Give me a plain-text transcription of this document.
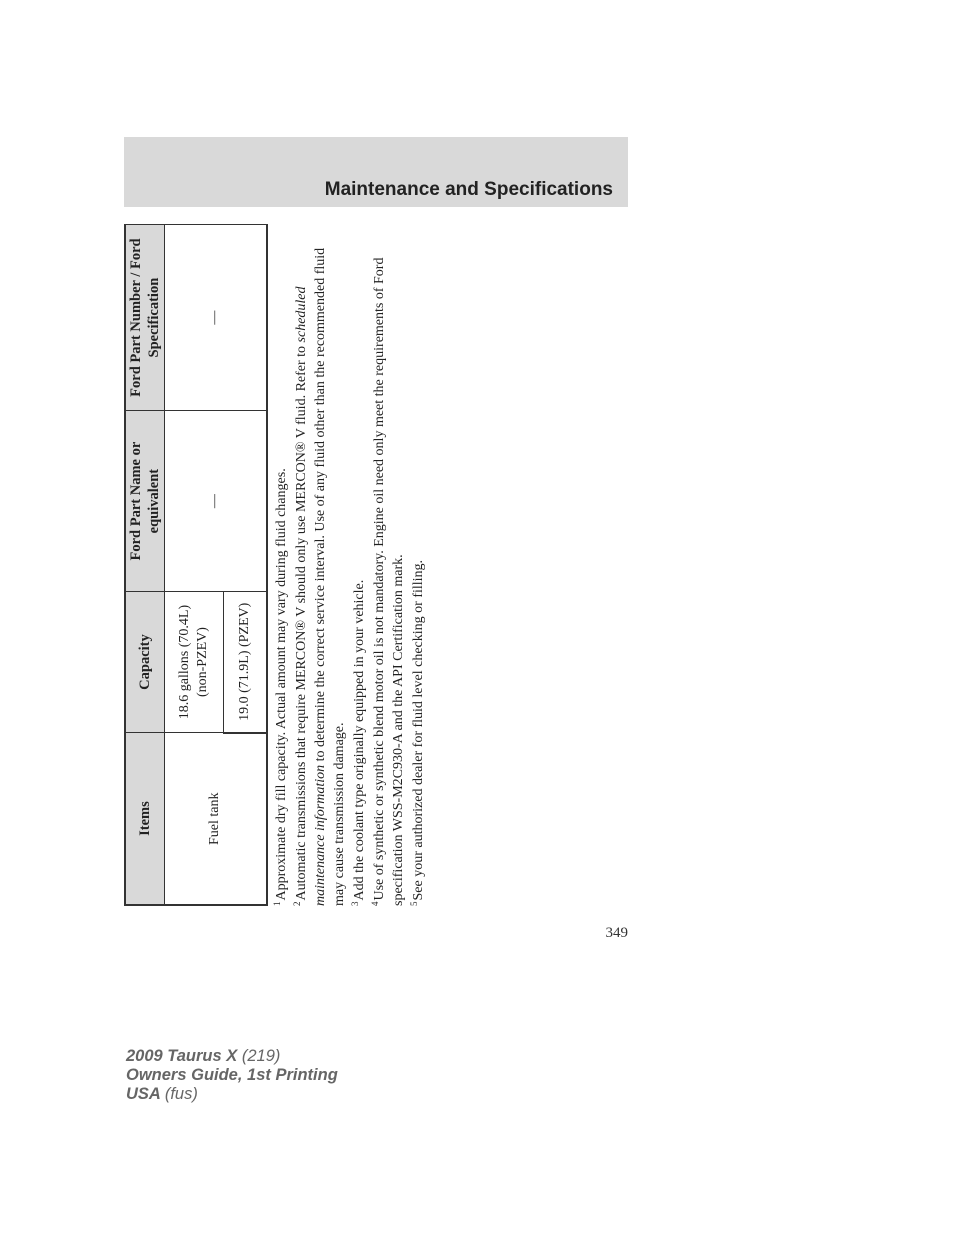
Maintenance and Specifications
Items	Capacity	Ford Part Name or equivalent	Ford Part Number / Ford Specification
Fuel tank	18.6 gallons (70.4L) (non-PZEV)	—	—
	19.0 (71.9L) (PZEV)		

$^1$Approximate dry fill capacity. Actual amount may vary during fluid changes.

$^2$Automatic transmissions that require MERCON® V should only use MERCON® V fluid. Refer to scheduled maintenance information to determine the correct service interval. Use of any fluid other than the recommended fluid may cause transmission damage. $^3$Add the coolant type originally equipped in your vehicle.

$^4$Use of synthetic or synthetic blend motor oil is not mandatory. Engine oil need only meet the requirements of Ford specification WSS-M2C930-A and the API Certification mark. $^5$See your authorized dealer for fluid level checking or filling.

349
2009 Taurus X (219)
Owners Guide, 1st Printing
USA (fus)
